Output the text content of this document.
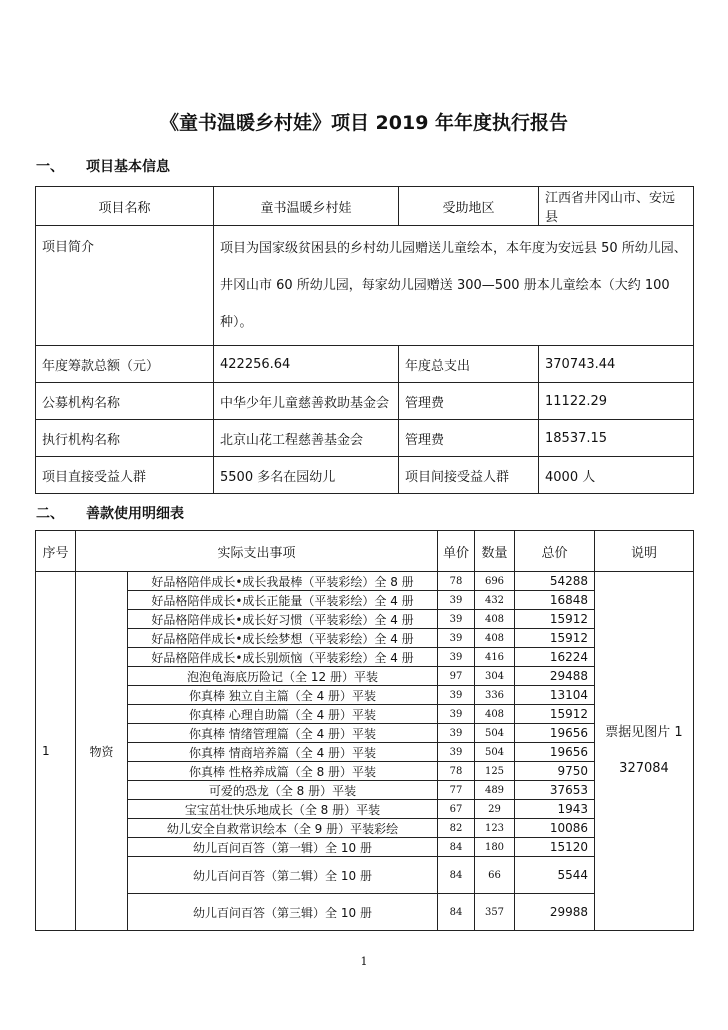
《童书温暖乡村娃》项目 2019 年年度执行报告
一、 项目基本信息
项目名称	童书温暖乡村娃	受助地区	江西省井冈山市、安远县
项目简介	项目为国家级贫困县的乡村幼儿园赠送儿童绘本，本年度为安远县 50 所幼儿园、 井冈山市 60 所幼儿园，每家幼儿园赠送 300—500 册本儿童绘本（大约 100 种）。		
年度筹款总额（元）	422256.64	年度总支出	370743.44
公募机构名称	中华少年儿童慈善救助基金会	管理费	11122.29
执行机构名称	北京山花工程慈善基金会	管理费	18537.15
项目直接受益人群	5500 多名在园幼儿	项目间接受益人群	4000 人
二、 善款使用明细表
序号	实际支出事项		单价	数量	总价	说明
1	物资	好品格陪伴成长•成长我最棒（平装彩绘）全 8 册	78	696	54288	票据见图片 1
327084

		好品格陪伴成长•成长正能量（平装彩绘）全 4 册	39	432	16848	
		好品格陪伴成长•成长好习惯（平装彩绘）全 4 册	39	408	15912	
		好品格陪伴成长•成长绘梦想（平装彩绘）全 4 册	39	408	15912	
		好品格陪伴成长•成长别烦恼（平装彩绘）全 4 册	39	416	16224	
		泡泡龟海底历险记（全 12 册）平装	97	304	29488	
		你真棒 独立自主篇（全 4 册）平装	39	336	13104	
		你真棒 心理自助篇（全 4 册）平装	39	408	15912	
		你真棒 情绪管理篇（全 4 册）平装	39	504	19656	
		你真棒 情商培养篇（全 4 册）平装	39	504	19656	
		你真棒 性格养成篇（全 8 册）平装	78	125	9750	
		可爱的恐龙（全 8 册）平装	77	489	37653	
		宝宝茁壮快乐地成长（全 8 册）平装	67	29	1943	
		幼儿安全自救常识绘本（全 9 册）平装彩绘	82	123	10086	
		幼儿百问百答（第一辑）全 10 册	84	180	15120	
		幼儿百问百答（第二辑）全 10 册	84	66	5544	
		幼儿百问百答（第三辑）全 10 册	84	357	29988	
1
